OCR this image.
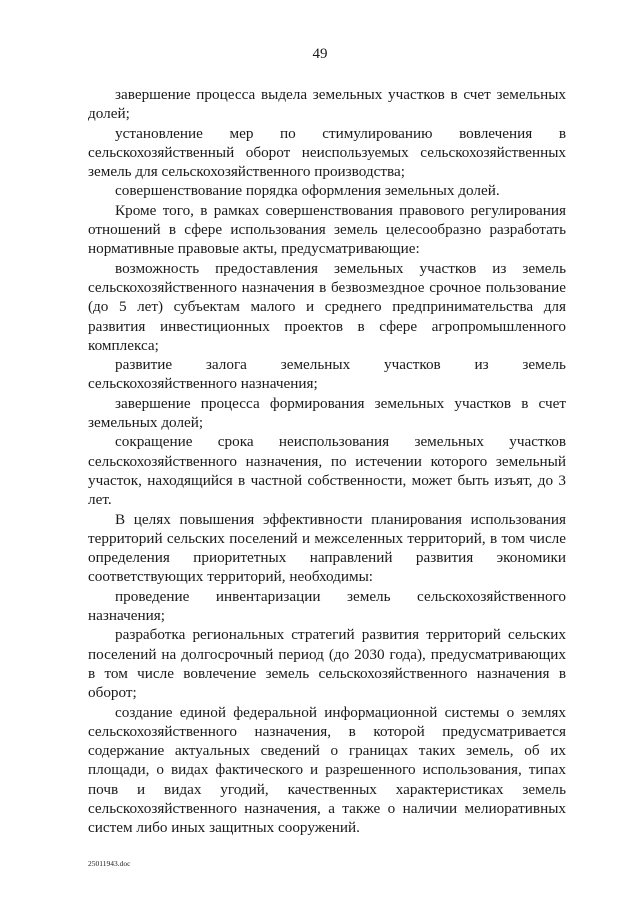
49

завершение процесса выдела земельных участков в счет земельных долей;

установление мер по стимулированию вовлечения в сельскохозяйственный оборот неиспользуемых сельскохозяйственных земель для сельскохозяйственного производства;

совершенствование порядка оформления земельных долей.

Кроме того, в рамках совершенствования правового регулирования отношений в сфере использования земель целесообразно разработать нормативные правовые акты, предусматривающие:

возможность предоставления земельных участков из земель сельскохозяйственного назначения в безвозмездное срочное пользование (до 5 лет) субъектам малого и среднего предпринимательства для развития инвестиционных проектов в сфере агропромышленного комплекса;

развитие залога земельных участков из земель сельскохозяйственного назначения;

завершение процесса формирования земельных участков в счет земельных долей;

сокращение срока неиспользования земельных участков сельскохозяйственного назначения, по истечении которого земельный участок, находящийся в частной собственности, может быть изъят, до 3 лет.

В целях повышения эффективности планирования использования территорий сельских поселений и межселенных территорий, в том числе определения приоритетных направлений развития экономики соответствующих территорий, необходимы:

проведение инвентаризации земель сельскохозяйственного назначения;

разработка региональных стратегий развития территорий сельских поселений на долгосрочный период (до 2030 года), предусматривающих в том числе вовлечение земель сельскохозяйственного назначения в оборот;

создание единой федеральной информационной системы о землях сельскохозяйственного назначения, в которой предусматривается содержание актуальных сведений о границах таких земель, об их площади, о видах фактического и разрешенного использования, типах почв и видах угодий, качественных характеристиках земель сельскохозяйственного назначения, а также о наличии мелиоративных систем либо иных защитных сооружений.

25011943.doc
